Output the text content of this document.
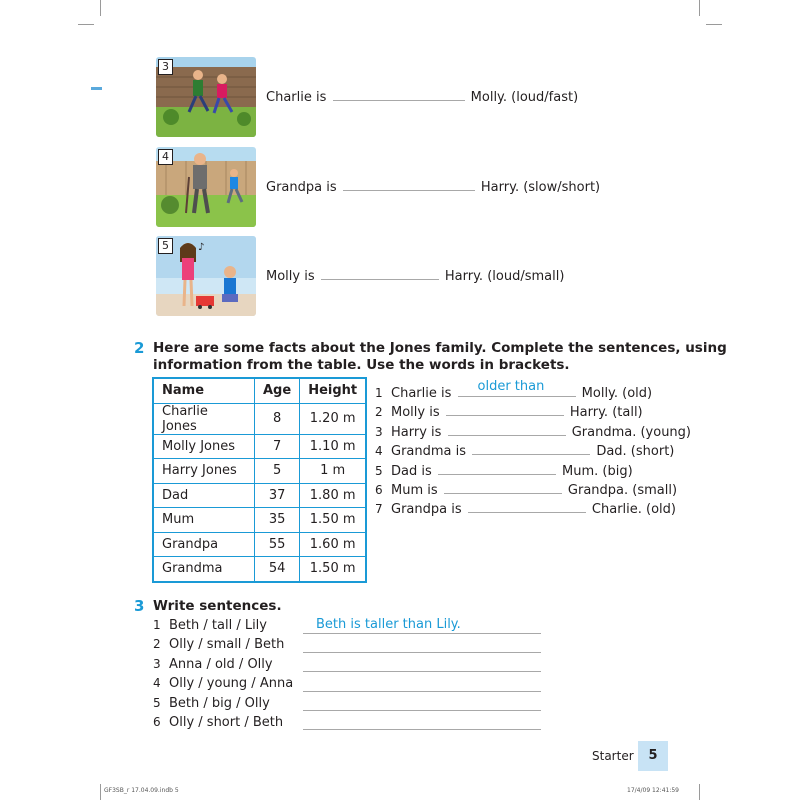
3
Charlie is	Molly. (loud/fast)
4
Grandpa is	Harry. (slow/short)
♪
5
Molly is	Harry. (loud/small)
2 Here are some facts about the Jones family. Complete the sentences, using
information from the table. Use the words in brackets.
Name	Age	Height
Charlie Jones	8	1.20 m
Molly Jones	7	1.10 m
Harry Jones	5	1 m
Dad	37	1.80 m
Mum	35	1.50 m
Grandpa	55	1.60 m
Grandma	54	1.50 m
1 Charlie is older than	Molly. (old)
2 Molly is	Harry. (tall)
3 Harry is	Grandma. (young)
4 Grandma is	Dad. (short)
5 Dad is	Mum. (big)
6 Mum is	Grandpa. (small)
7 Grandpa is	Charlie. (old)
3 Write sentences.
1 Beth / tall / Lily
2 Olly / small / Beth
3 Anna / old / Olly
4 Olly / young / Anna
5 Beth / big / Olly
6 Olly / short / Beth
Beth is taller than Lily.
Starter	5
GF3SB_r 17.04.09.indb 5	17/4/09 12:41:59
